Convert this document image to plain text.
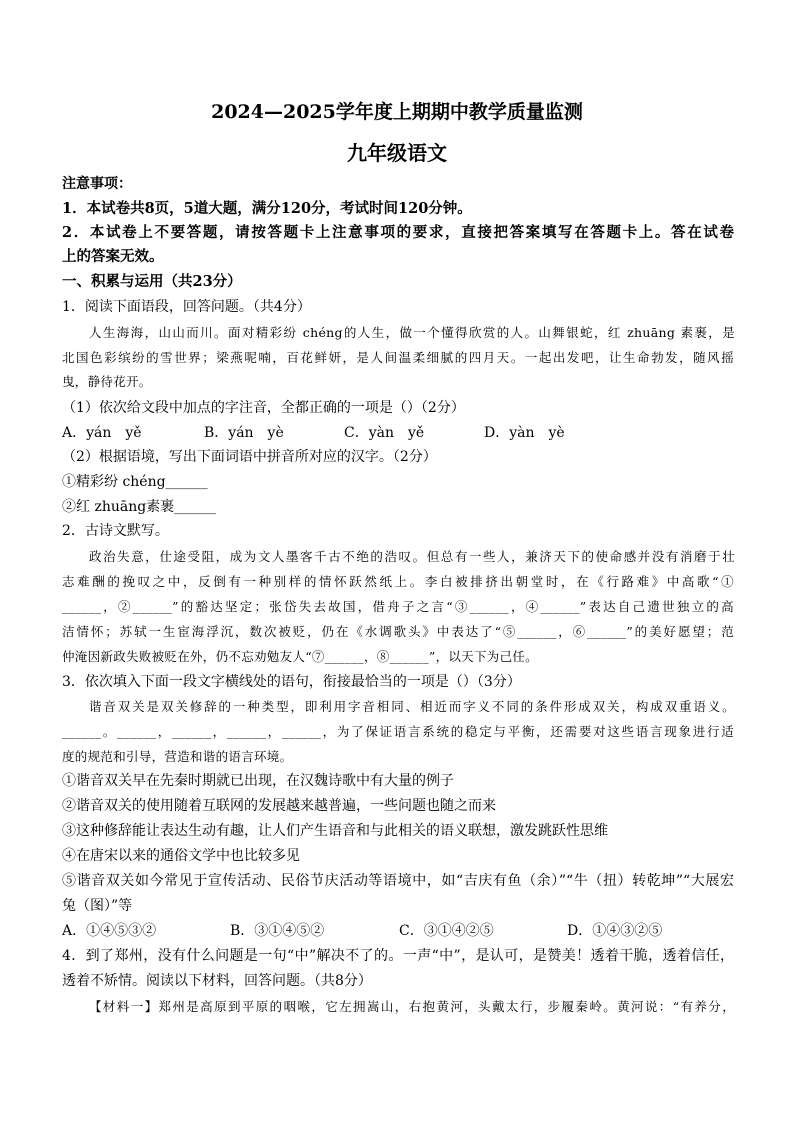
2024—2025学年度上期期中教学质量监测
九年级语文
注意事项：
1．本试卷共8页，5道大题，满分120分，考试时间120分钟。
2．本试卷上不要答题，请按答题卡上注意事项的要求，直接把答案填写在答题卡上。答在试卷
上的答案无效。
一、积累与运用（共23分）
1．阅读下面语段，回答问题。（共4分）
人生海海，山山而川。面对精彩纷 chéng的人生，做一个懂得欣赏的人。山舞银蛇，红 zhuāng 素裹，是
北国色彩缤纷的雪世界；梁燕呢喃，百花鲜妍，是人间温柔细腻的四月天。一起出发吧，让生命勃发，随风摇
曳，静待花开。
（1）依次给文段中加点的字注音，全都正确的一项是（）（2分）
A．yán　yě	B．yán　yè	C．yàn　yě	D．yàn　yè
（2）根据语境，写出下面词语中拼音所对应的汉字。（2分）
①精彩纷 chéng______
②红 zhuāng素裹______
2．古诗文默写。
政治失意，仕途受阻，成为文人墨客千古不绝的浩叹。但总有一些人，兼济天下的使命感并没有消磨于壮
志难酬的挽叹之中，反倒有一种别样的情怀跃然纸上。李白被排挤出朝堂时，在《行路难》中高歌“①
______，②______”的豁达坚定；张岱失去故国，借舟子之言“③______，④______”表达自己遗世独立的高
洁情怀；苏轼一生宦海浮沉，数次被贬，仍在《水调歌头》中表达了“⑤______，⑥______”的美好愿望；范
仲淹因新政失败被贬在外，仍不忘劝勉友人“⑦______，⑧______”，以天下为己任。
3．依次填入下面一段文字横线处的语句，衔接最恰当的一项是（）（3分）
谐音双关是双关修辞的一种类型，即利用字音相同、相近而字义不同的条件形成双关，构成双重语义。
______。______，______，______，______，为了保证语言系统的稳定与平衡，还需要对这些语言现象进行适
度的规范和引导，营造和谐的语言环境。
①谐音双关早在先秦时期就已出现，在汉魏诗歌中有大量的例子
②谐音双关的使用随着互联网的发展越来越普遍，一些问题也随之而来
③这种修辞能让表达生动有趣，让人们产生语音和与此相关的语义联想，激发跳跃性思维
④在唐宋以来的通俗文学中也比较多见
⑤谐音双关如今常见于宣传活动、民俗节庆活动等语境中，如“吉庆有鱼（余）”“牛（扭）转乾坤”“大展宏
兔（图）”等
A．①④⑤③②	B．③①④⑤②	C．③①④②⑤	D．①④③②⑤
4．到了郑州，没有什么问题是一句“中”解决不了的。一声“中”，是认可，是赞美！透着干脆，透着信任，
透着不矫情。阅读以下材料，回答问题。（共8分）
【材料一】郑州是高原到平原的咽喉，它左拥嵩山，右抱黄河，头戴太行，步履秦岭。黄河说：“有养分，
